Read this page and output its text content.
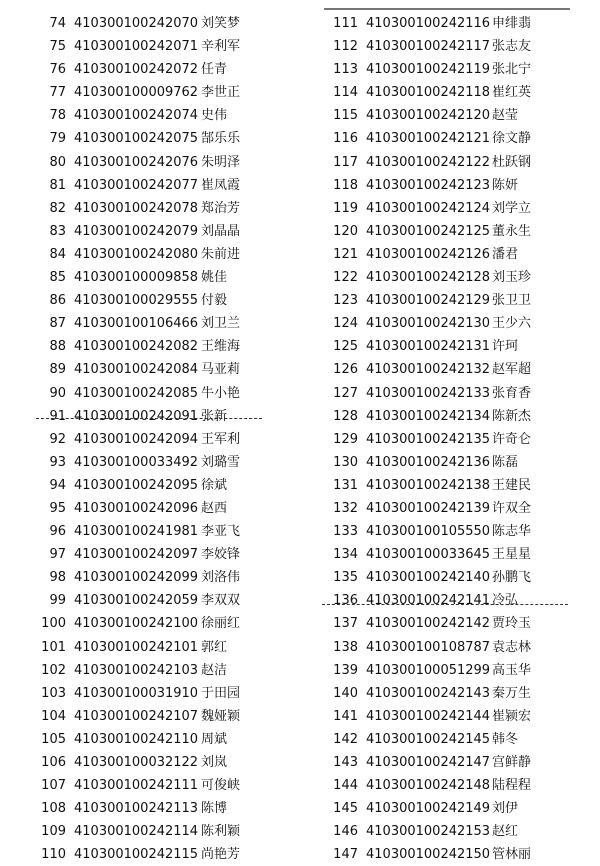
74 410300100242070 刘笑梦
75 410300100242071 辛利军
76 410300100242072 任青
77 410300100009762 李世正
78 410300100242074 史伟
79 410300100242075 郜乐乐
80 410300100242076 朱明泽
81 410300100242077 崔凤霞
82 410300100242078 郑治芳
83 410300100242079 刘晶晶
84 410300100242080 朱前进
85 410300100009858 姚佳
86 410300100029555 付毅
87 410300100106466 刘卫兰
88 410300100242082 王维海
89 410300100242084 马亚莉
90 410300100242085 牛小艳
91 410300100242091 张新
92 410300100242094 王军利
93 410300100033492 刘璐雪
94 410300100242095 徐斌
95 410300100242096 赵西
96 410300100241981 李亚飞
97 410300100242097 李姣锋
98 410300100242099 刘洛伟
99 410300100242059 李双双
100 410300100242100 徐丽红
101 410300100242101 郭红
102 410300100242103 赵洁
103 410300100031910 于田园
104 410300100242107 魏娅颖
105 410300100242110 周斌
106 410300100032122 刘岚
107 410300100242111 可俊峡
108 410300100242113 陈博
109 410300100242114 陈利颖
110 410300100242115 尚艳芳
111 410300100242116 申绯翡
112 410300100242117 张志友
113 410300100242119 张北宁
114 410300100242118 崔红英
115 410300100242120 赵莹
116 410300100242121 徐文静
117 410300100242122 杜跃钢
118 410300100242123 陈妍
119 410300100242124 刘学立
120 410300100242125 董永生
121 410300100242126 潘君
122 410300100242128 刘玉珍
123 410300100242129 张卫卫
124 410300100242130 王少六
125 410300100242131 许珂
126 410300100242132 赵军超
127 410300100242133 张育香
128 410300100242134 陈新杰
129 410300100242135 许奇仑
130 410300100242136 陈磊
131 410300100242138 王建民
132 410300100242139 许双全
133 410300100105550 陈志华
134 410300100033645 王星星
135 410300100242140 孙鹏飞
136 410300100242141 冷弘
137 410300100242142 贾玲玉
138 410300100108787 袁志林
139 410300100051299 高玉华
140 410300100242143 秦万生
141 410300100242144 崔颍宏
142 410300100242145 韩冬
143 410300100242147 宫鲜静
144 410300100242148 陆程程
145 410300100242149 刘伊
146 410300100242153 赵红
147 410300100242150 管林丽
